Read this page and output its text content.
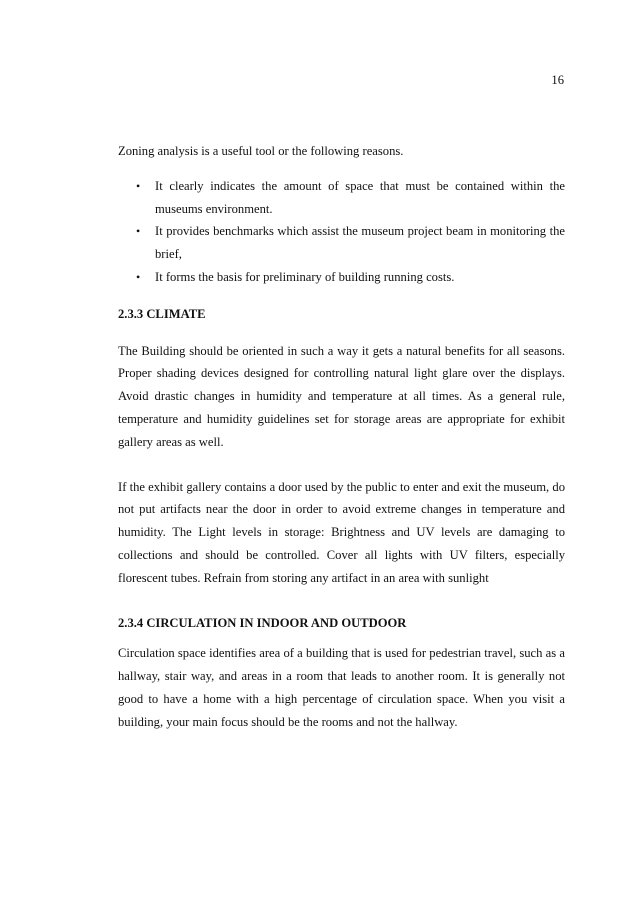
16

Zoning analysis is a useful tool or the following reasons.

• It clearly indicates the amount of space that must be contained within the museums environment.
• It provides benchmarks which assist the museum project beam in monitoring the brief,
• It forms the basis for preliminary of building running costs.
2.3.3 CLIMATE

The Building should be oriented in such a way it gets a natural benefits for all seasons. Proper shading devices designed for controlling natural light glare over the displays. Avoid drastic changes in humidity and temperature at all times. As a general rule, temperature and humidity guidelines set for storage areas are appropriate for exhibit gallery areas as well.

If the exhibit gallery contains a door used by the public to enter and exit the museum, do not put artifacts near the door in order to avoid extreme changes in temperature and humidity. The Light levels in storage: Brightness and UV levels are damaging to collections and should be controlled. Cover all lights with UV filters, especially florescent tubes. Refrain from storing any artifact in an area with sunlight

2.3.4 CIRCULATION IN INDOOR AND OUTDOOR

Circulation space identifies area of a building that is used for pedestrian travel, such as a hallway, stair way, and areas in a room that leads to another room. It is generally not good to have a home with a high percentage of circulation space. When you visit a building, your main focus should be the rooms and not the hallway.
